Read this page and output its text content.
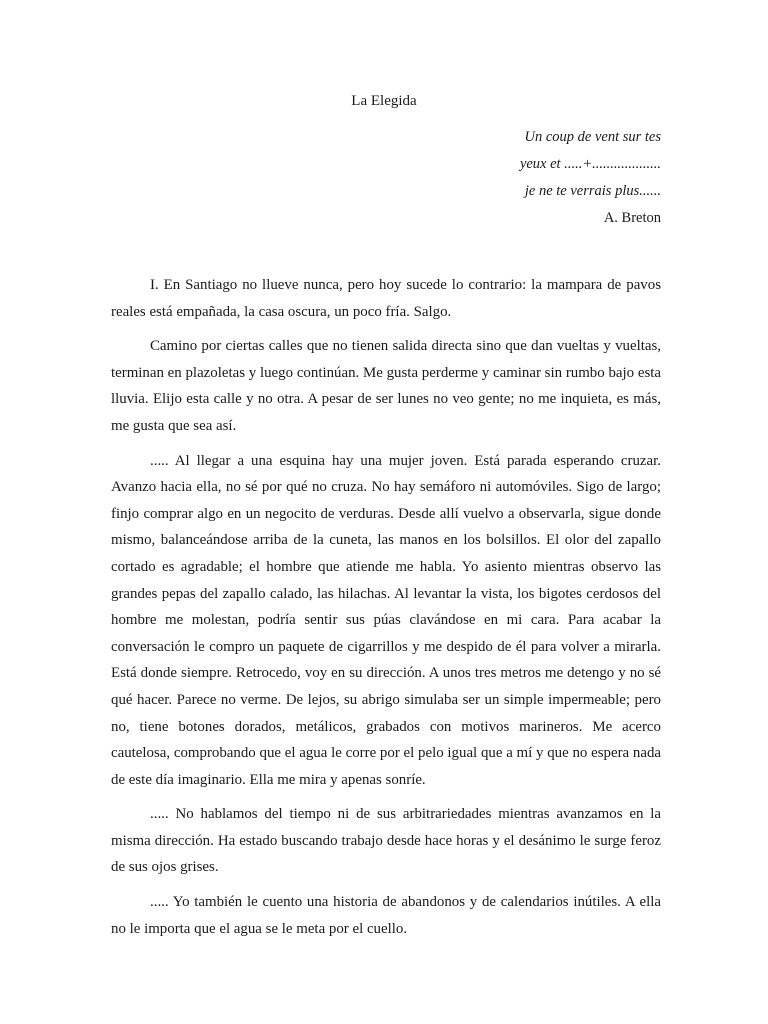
La Elegida
Un coup de vent sur tes
yeux et .....+...................
je ne te verrais plus......
A. Breton

I. En Santiago no llueve nunca, pero hoy sucede lo contrario: la mampara de pavos reales está empañada, la casa oscura, un poco fría. Salgo.

Camino por ciertas calles que no tienen salida directa sino que dan vueltas y vueltas, terminan en plazoletas y luego continúan. Me gusta perderme y caminar sin rumbo bajo esta lluvia. Elijo esta calle y no otra. A pesar de ser lunes no veo gente; no me inquieta, es más, me gusta que sea así.

..... Al llegar a una esquina hay una mujer joven. Está parada esperando cruzar. Avanzo hacia ella, no sé por qué no cruza. No hay semáforo ni automóviles. Sigo de largo; finjo comprar algo en un negocito de verduras. Desde allí vuelvo a observarla, sigue donde mismo, balanceándose arriba de la cuneta, las manos en los bolsillos. El olor del zapallo cortado es agradable; el hombre que atiende me habla. Yo asiento mientras observo las grandes pepas del zapallo calado, las hilachas. Al levantar la vista, los bigotes cerdosos del hombre me molestan, podría sentir sus púas clavándose en mi cara. Para acabar la conversación le compro un paquete de cigarrillos y me despido de él para volver a mirarla. Está donde siempre. Retrocedo, voy en su dirección. A unos tres metros me detengo y no sé qué hacer. Parece no verme. De lejos, su abrigo simulaba ser un simple impermeable; pero no, tiene botones dorados, metálicos, grabados con motivos marineros. Me acerco cautelosa, comprobando que el agua le corre por el pelo igual que a mí y que no espera nada de este día imaginario. Ella me mira y apenas sonríe.

..... No hablamos del tiempo ni de sus arbitrariedades mientras avanzamos en la misma dirección. Ha estado buscando trabajo desde hace horas y el desánimo le surge feroz de sus ojos grises.

..... Yo también le cuento una historia de abandonos y de calendarios inútiles. A ella no le importa que el agua se le meta por el cuello.
